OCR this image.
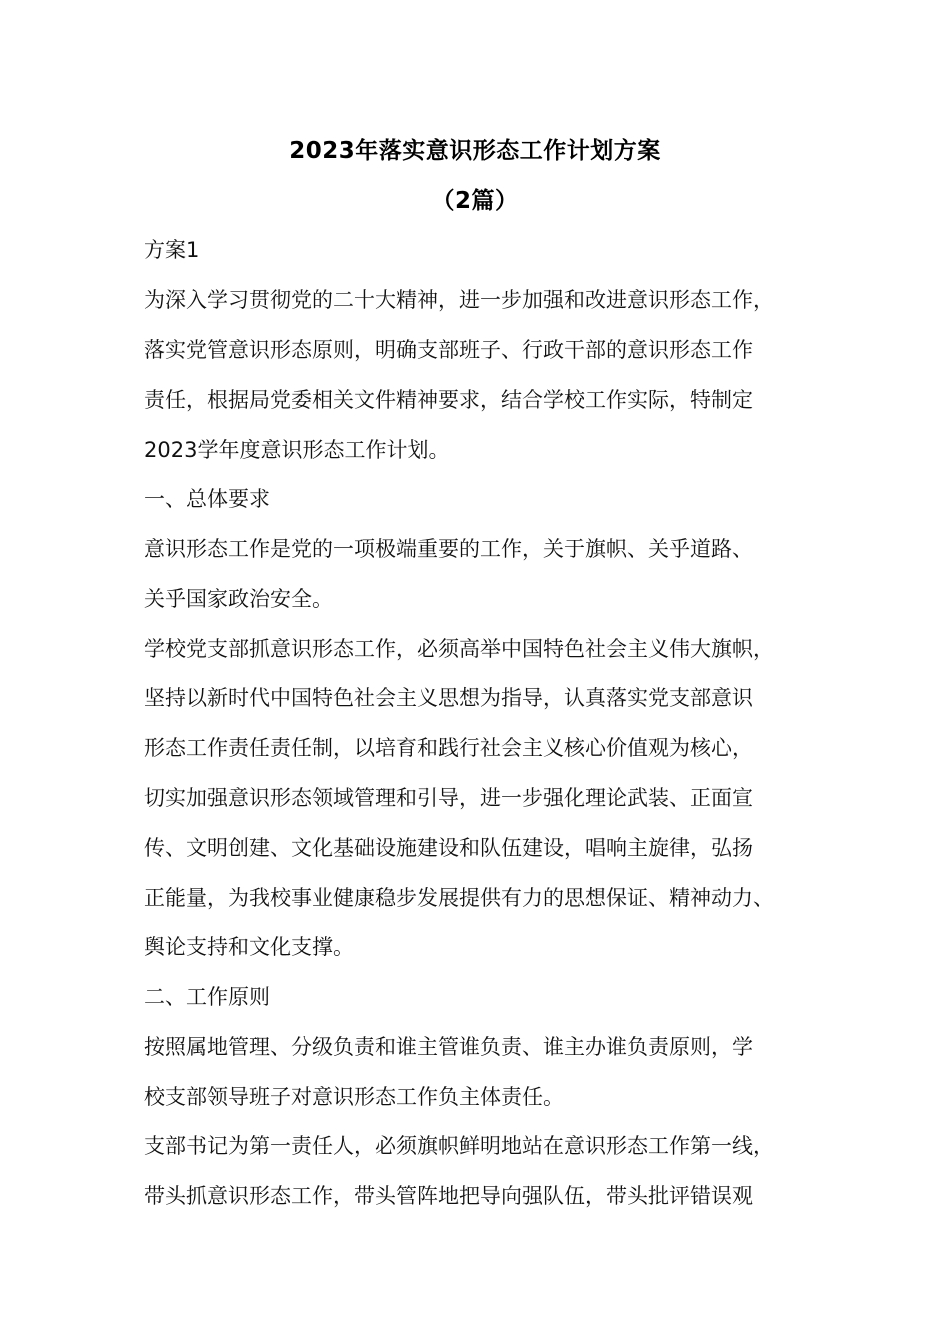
2023年落实意识形态工作计划方案
（2篇）
方案1
为深入学习贯彻党的二十大精神，进一步加强和改进意识形态工作，
落实党管意识形态原则，明确支部班子、行政干部的意识形态工作
责任，根据局党委相关文件精神要求，结合学校工作实际，特制定
2023学年度意识形态工作计划。
一、总体要求
意识形态工作是党的一项极端重要的工作，关于旗帜、关乎道路、
关乎国家政治安全。
学校党支部抓意识形态工作，必须高举中国特色社会主义伟大旗帜，
坚持以新时代中国特色社会主义思想为指导，认真落实党支部意识
形态工作责任责任制，以培育和践行社会主义核心价值观为核心，
切实加强意识形态领域管理和引导，进一步强化理论武装、正面宣
传、文明创建、文化基础设施建设和队伍建设，唱响主旋律，弘扬
正能量，为我校事业健康稳步发展提供有力的思想保证、精神动力、
舆论支持和文化支撑。
二、工作原则
按照属地管理、分级负责和谁主管谁负责、谁主办谁负责原则，学
校支部领导班子对意识形态工作负主体责任。
支部书记为第一责任人，必须旗帜鲜明地站在意识形态工作第一线，
带头抓意识形态工作，带头管阵地把导向强队伍，带头批评错误观
